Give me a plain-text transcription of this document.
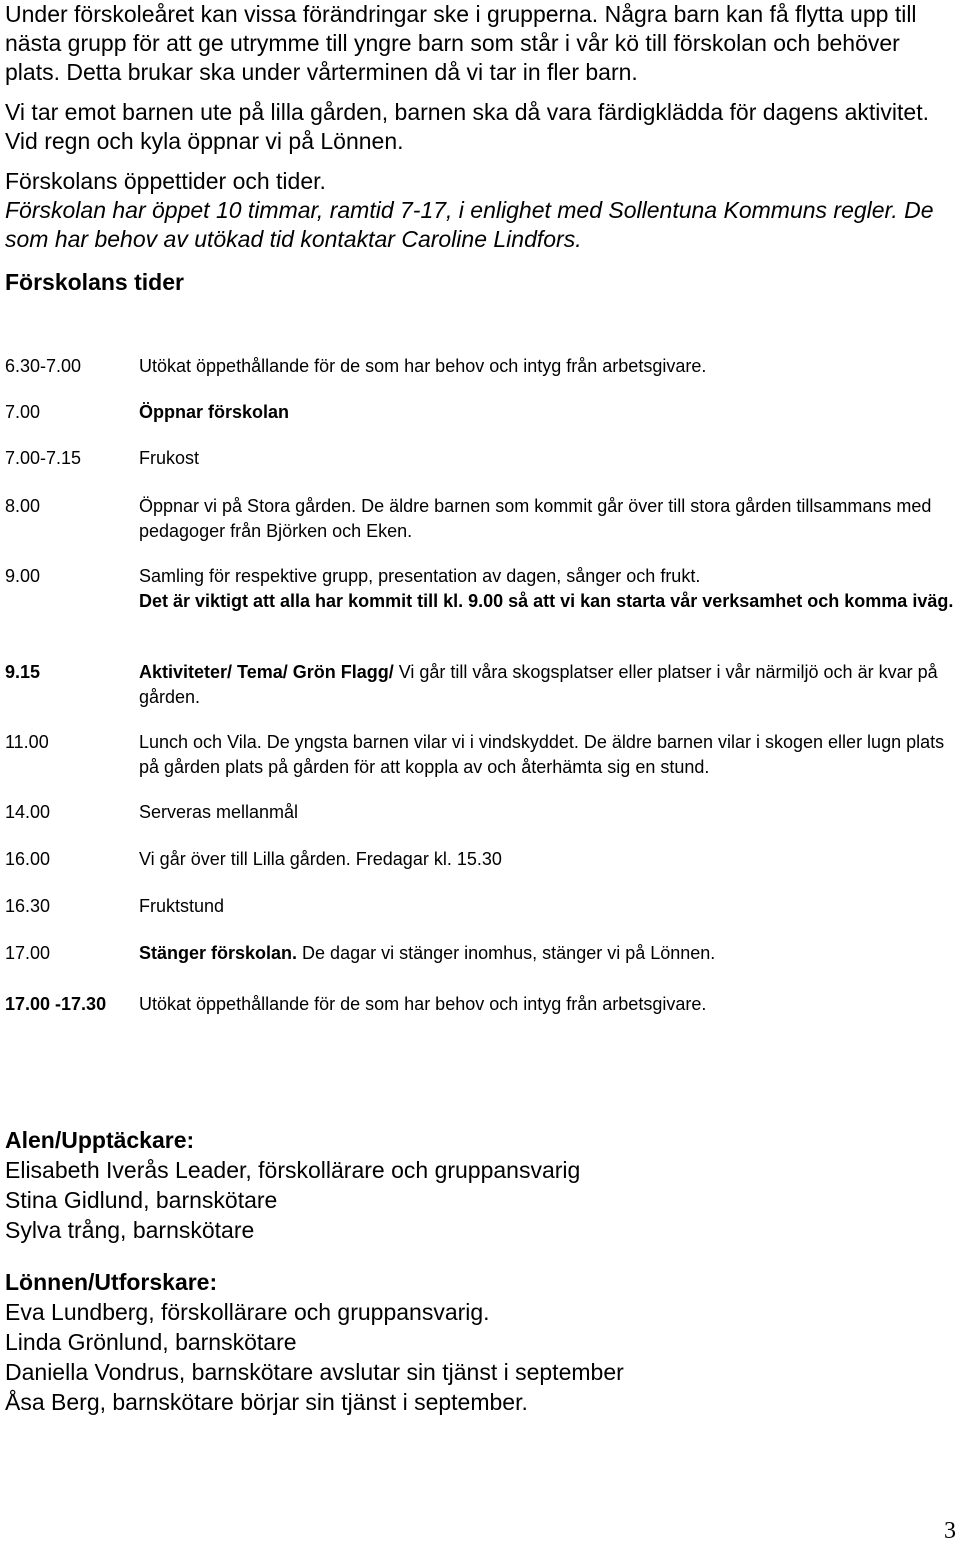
Under förskoleåret kan vissa förändringar ske i grupperna. Några barn kan få flytta upp till nästa grupp för att ge utrymme till yngre barn som står i vår kö till förskolan och behöver plats. Detta brukar ska under vårterminen då vi tar in fler barn.

Vi tar emot barnen ute på lilla gården, barnen ska då vara färdigklädda för dagens aktivitet. Vid regn och kyla öppnar vi på Lönnen.

Förskolans öppettider och tider.

Förskolan har öppet 10 timmar, ramtid 7-17, i enlighet med Sollentuna Kommuns regler. De som har behov av utökad tid kontaktar Caroline Lindfors.

Förskolans tider

6.30-7.00	Utökat öppethållande för de som har behov och intyg från arbetsgivare.
7.00	Öppnar förskolan
7.00-7.15	Frukost
8.00	Öppnar vi på Stora gården. De äldre barnen som kommit går över till stora gården tillsammans med pedagoger från Björken och Eken.
9.00	Samling för respektive grupp, presentation av dagen, sånger och frukt.
Det är viktigt att alla har kommit till kl. 9.00 så att vi kan starta vår verksamhet och komma iväg.
9.15	Aktiviteter/ Tema/ Grön Flagg/ Vi går till våra skogsplatser eller platser i vår närmiljö och är kvar på gården.
11.00	Lunch och Vila. De yngsta barnen vilar vi i vindskyddet. De äldre barnen vilar i skogen eller lugn plats på gården plats på gården för att koppla av och återhämta sig en stund.
14.00	Serveras mellanmål
16.00	Vi går över till Lilla gården. Fredagar kl. 15.30
16.30	Fruktstund
17.00	Stänger förskolan. De dagar vi stänger inomhus, stänger vi på Lönnen.
17.00 -17.30	Utökat öppethållande för de som har behov och intyg från arbetsgivare.
Alen/Upptäckare:
Elisabeth Iverås Leader, förskollärare och gruppansvarig
Stina Gidlund, barnskötare
Sylva trång, barnskötare
Lönnen/Utforskare:
Eva Lundberg, förskollärare och gruppansvarig.
Linda Grönlund, barnskötare
Daniella Vondrus, barnskötare avslutar sin tjänst i september
Åsa Berg, barnskötare börjar sin tjänst i september.
3
